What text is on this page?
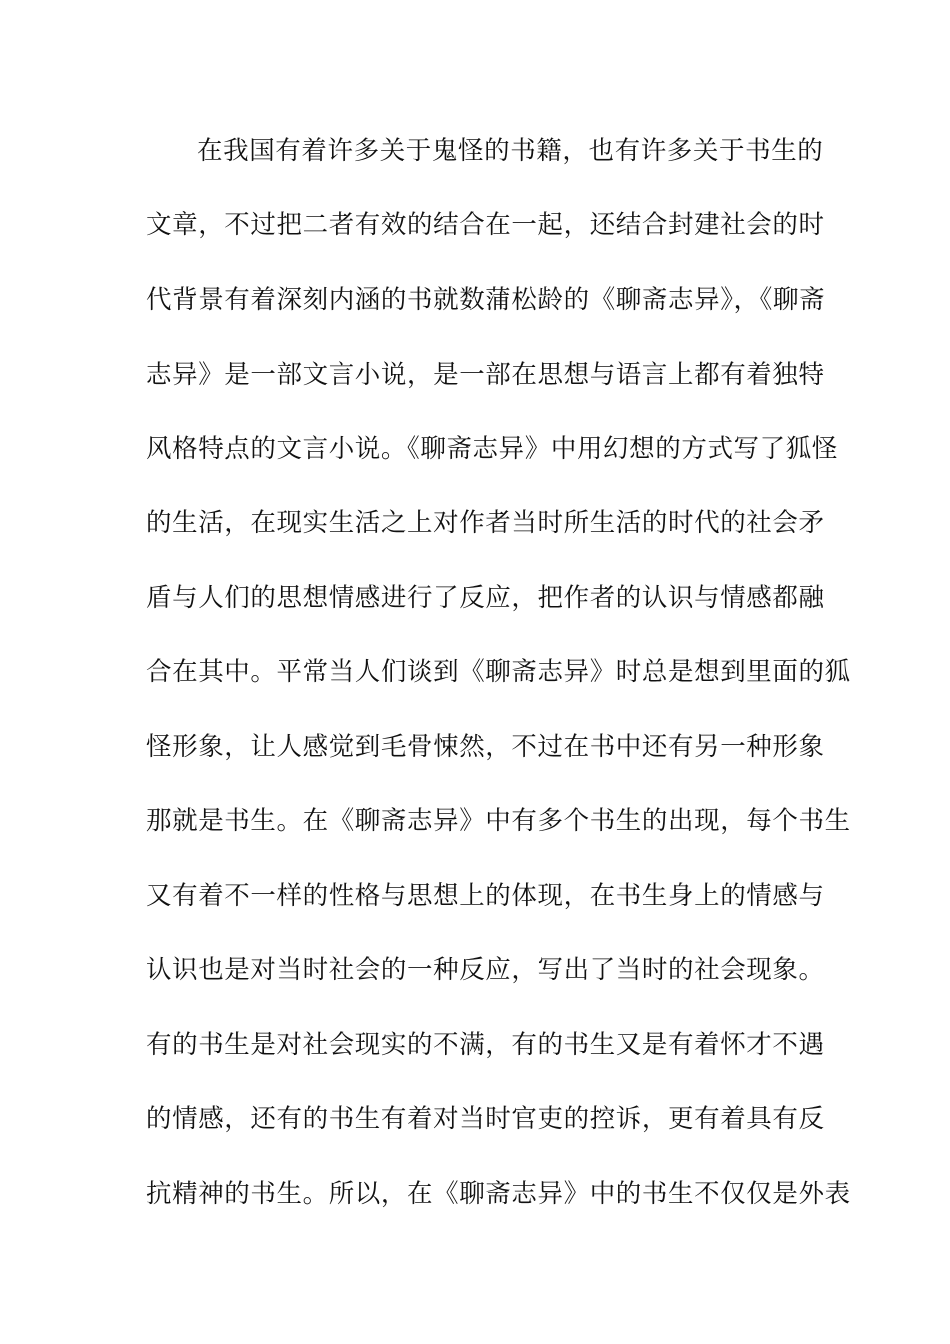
在我国有着许多关于鬼怪的书籍，也有许多关于书生的
文章，不过把二者有效的结合在一起，还结合封建社会的时
代背景有着深刻内涵的书就数蒲松龄的《聊斋志异》，《聊斋
志异》是一部文言小说，是一部在思想与语言上都有着独特
风格特点的文言小说。《聊斋志异》中用幻想的方式写了狐怪
的生活，在现实生活之上对作者当时所生活的时代的社会矛
盾与人们的思想情感进行了反应，把作者的认识与情感都融
合在其中。平常当人们谈到《聊斋志异》时总是想到里面的狐
怪形象，让人感觉到毛骨悚然，不过在书中还有另一种形象
那就是书生。在《聊斋志异》中有多个书生的出现，每个书生
又有着不一样的性格与思想上的体现，在书生身上的情感与
认识也是对当时社会的一种反应，写出了当时的社会现象。
有的书生是对社会现实的不满，有的书生又是有着怀才不遇
的情感，还有的书生有着对当时官吏的控诉，更有着具有反
抗精神的书生。所以，在《聊斋志异》中的书生不仅仅是外表
